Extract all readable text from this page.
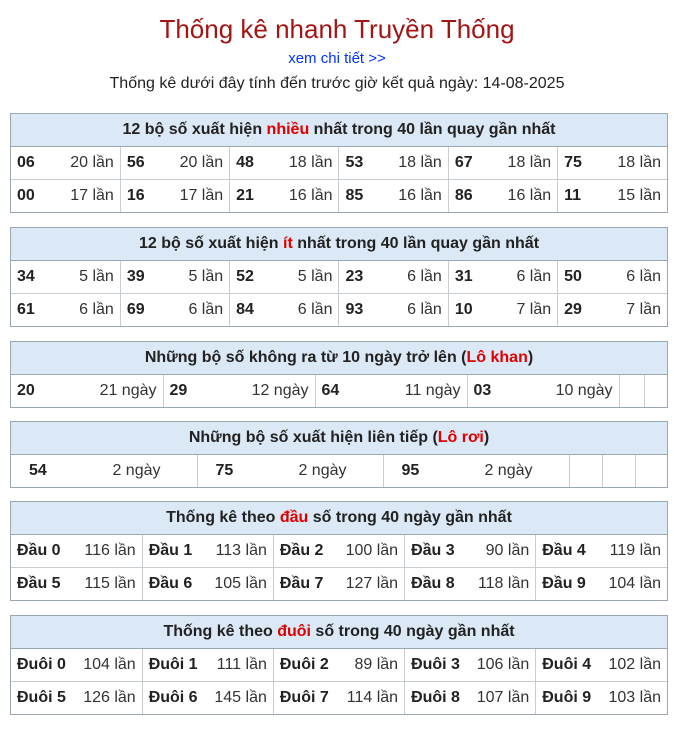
Thống kê nhanh Truyền Thống
xem chi tiết >>
Thống kê dưới đây tính đến trước giờ kết quả ngày: 14-08-2025
12 bộ số xuất hiện nhiều nhất trong 40 lần quay gần nhất
06 20 lần	56 20 lần	48 18 lần	53 18 lần	67 18 lần	75 18 lần

00 17 lần	16 17 lần	21 16 lần	85 16 lần	86 16 lần	11 15 lần
12 bộ số xuất hiện ít nhất trong 40 lần quay gần nhất
34 5 lần	39 5 lần	52 5 lần	23 6 lần	31 6 lần	50 6 lần

61 6 lần	69 6 lần	84 6 lần	93 6 lần	10 7 lần	29 7 lần
Những bộ số không ra từ 10 ngày trở lên (Lô khan)
20	21 ngày	29	12 ngày	64	11 ngày	03	10 ngày

Những bộ số xuất hiện liên tiếp (Lô rơi)
54	2 ngày	75	2 ngày	95	2 ngày

Thống kê theo đầu số trong 40 ngày gần nhất
Đầu 0 116 lần	Đầu 1 113 lần	Đầu 2 100 lần	Đầu 3 90 lần	Đầu 4 119 lần

Đầu 5 115 lần	Đầu 6 105 lần	Đầu 7 127 lần	Đầu 8 118 lần	Đầu 9 104 lần
Thống kê theo đuôi số trong 40 ngày gần nhất
Đuôi 0 104 lần	Đuôi 1 111 lần	Đuôi 2 89 lần	Đuôi 3 106 lần	Đuôi 4 102 lần

Đuôi 5 126 lần	Đuôi 6 145 lần	Đuôi 7 114 lần	Đuôi 8 107 lần	Đuôi 9 103 lần
